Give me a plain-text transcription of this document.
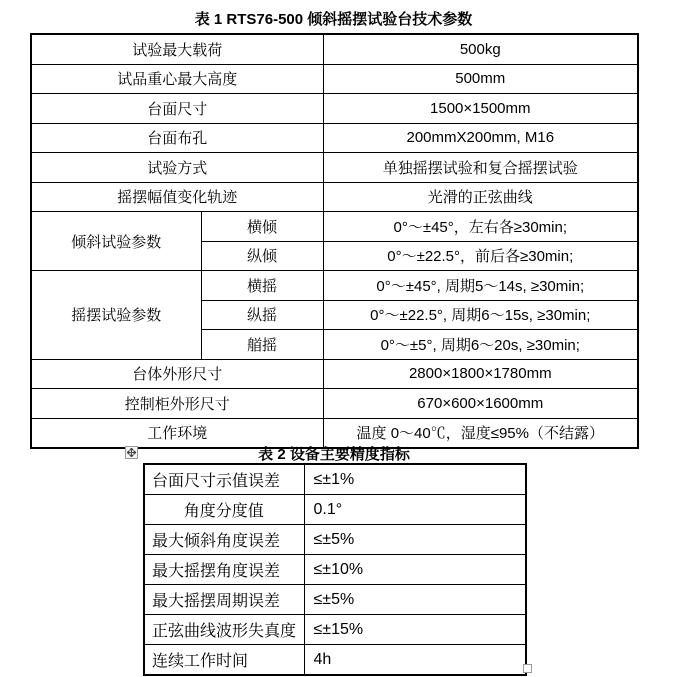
表 1 RTS76-500 倾斜摇摆试验台技术参数
试验最大载荷		500kg
试品重心最大高度		500mm
台面尺寸		1500×1500mm
台面布孔		200mmX200mm, M16
试验方式		单独摇摆试验和复合摇摆试验
摇摆幅值变化轨迹		光滑的正弦曲线
倾斜试验参数	横倾	0°～±45°，左右各≥30min;
	纵倾	0°～±22.5°，前后各≥30min;
摇摆试验参数	横摇	0°～±45°, 周期5～14s, ≥30min;
	纵摇	0°～±22.5°, 周期6～15s, ≥30min;
	艏摇	0°～±5°, 周期6～20s, ≥30min;
台体外形尺寸		2800×1800×1780mm
控制柜外形尺寸		670×600×1600mm
工作环境		温度 0～40℃，湿度≤95%（不结露）
表 2 设备主要精度指标
台面尺寸示值误差	≤±1%
角度分度值	0.1°
最大倾斜角度误差	≤±5%
最大摇摆角度误差	≤±10%
最大摇摆周期误差	≤±5%
正弦曲线波形失真度	≤±15%
连续工作时间	4h
